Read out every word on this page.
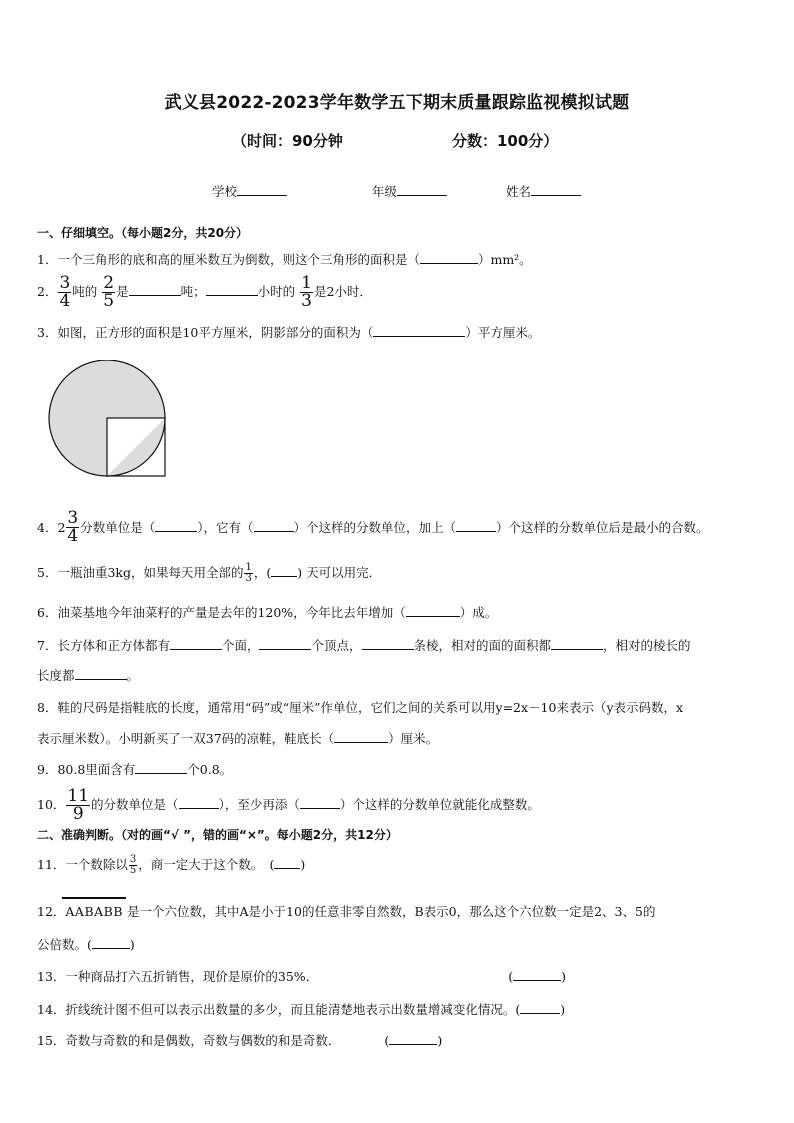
武义县2022-2023学年数学五下期末质量跟踪监视模拟试题
（时间：90分钟	分数：100分）
学校	年级	姓名
一、仔细填空。（每小题2分，共20分）
1．一个三角形的底和高的厘米数互为倒数，则这个三角形的面积是（	）mm²。
2． $\frac{3}{4}$ 吨的 $\frac{2}{5}$ 是	吨；	小时的 $\frac{1}{3}$ 是2小时．
3．如图，正方形的面积是10平方厘米，阴影部分的面积为（	）平方厘米。
4． $2 \frac{3}{4}$ 分数单位是（	），它有（	）个这样的分数单位，加上（	）个这样的分数单位后是最小的合数。
5．一瓶油重3kg，如果每天用全部的 $\frac{1}{3}$ ，( ) 天可以用完．
6．油菜基地今年油菜籽的产量是去年的120%，今年比去年增加（	）成。
7．长方体和正方体都有	个面，	个顶点，	条棱，相对的面的面积都	，相对的棱长的
长度都	。
8．鞋的尺码是指鞋底的长度，通常用“码”或“厘米”作单位，它们之间的关系可以用y=2x－10来表示（y表示码数，x
表示厘米数）。小明新买了一双37码的凉鞋，鞋底长（	）厘米。
9．80.8里面含有	个0.8。
10． $\frac{11}{9}$ 的分数单位是（	），至少再添（	）个这样的分数单位就能化成整数。
二、准确判断。（对的画“√ ”，错的画“×”。每小题2分，共12分）
11．一个数除以 $\frac{3}{5}$ ，商一定大于这个数。　( )
12．AABABB 是一个六位数，其中A是小于10的任意非零自然数，B表示0，那么这个六位数一定是2、3、5的
公倍数。(	)
13．一种商品打六五折销售，现价是原价的35%．	(	)
14．折线统计图不但可以表示出数量的多少，而且能清楚地表示出数量增减变化情况。(	)
15．奇数与奇数的和是偶数，奇数与偶数的和是奇数．	(	)
